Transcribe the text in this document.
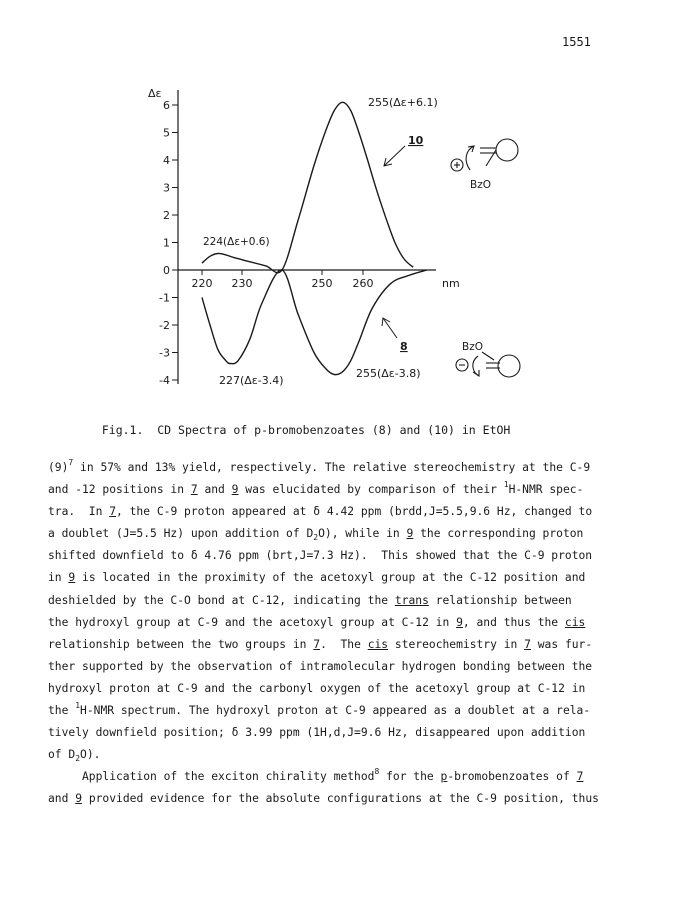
1551
6
5
4
3
2
1
0
-1
-2
-3
-4
220 230	250 260
Δε
nm
255(Δε+6.1)
224(Δε+0.6)
227(Δε-3.4)
255(Δε-3.8)
10
8
BzO
BzO

Fig.1.  CD Spectra of p-bromobenzoates (8) and (10) in EtOH

$(9)^7$ in 57% and 13% yield, respectively. The relative stereochemistry at the C-9
and -12 positions in 7 and 9 was elucidated by comparison of their $^1$H-NMR spec-
tra.  In 7, the C-9 proton appeared at δ 4.42 ppm (brdd,J=5.5,9.6 Hz, changed to
a doublet (J=5.5 Hz) upon addition of $D_2O$), while in 9 the corresponding proton
shifted downfield to δ 4.76 ppm (brt,J=7.3 Hz).  This showed that the C-9 proton
in 9 is located in the proximity of the acetoxyl group at the C-12 position and
deshielded by the C-O bond at C-12, indicating the trans relationship between
the hydroxyl group at C-9 and the acetoxyl group at C-12 in 9, and thus the cis
relationship between the two groups in 7.  The cis stereochemistry in 7 was fur-
ther supported by the observation of intramolecular hydrogen bonding between the
hydroxyl proton at C-9 and the carbonyl oxygen of the acetoxyl group at C-12 in
the $^1$H-NMR spectrum. The hydroxyl proton at C-9 appeared as a doublet at a rela-
tively downfield position; δ 3.99 ppm (1H,d,J=9.6 Hz, disappeared upon addition
of $D_2O$).
Application of the exciton chirality method$^8$ for the p-bromobenzoates of 7
and 9 provided evidence for the absolute configurations at the C-9 position, thus
